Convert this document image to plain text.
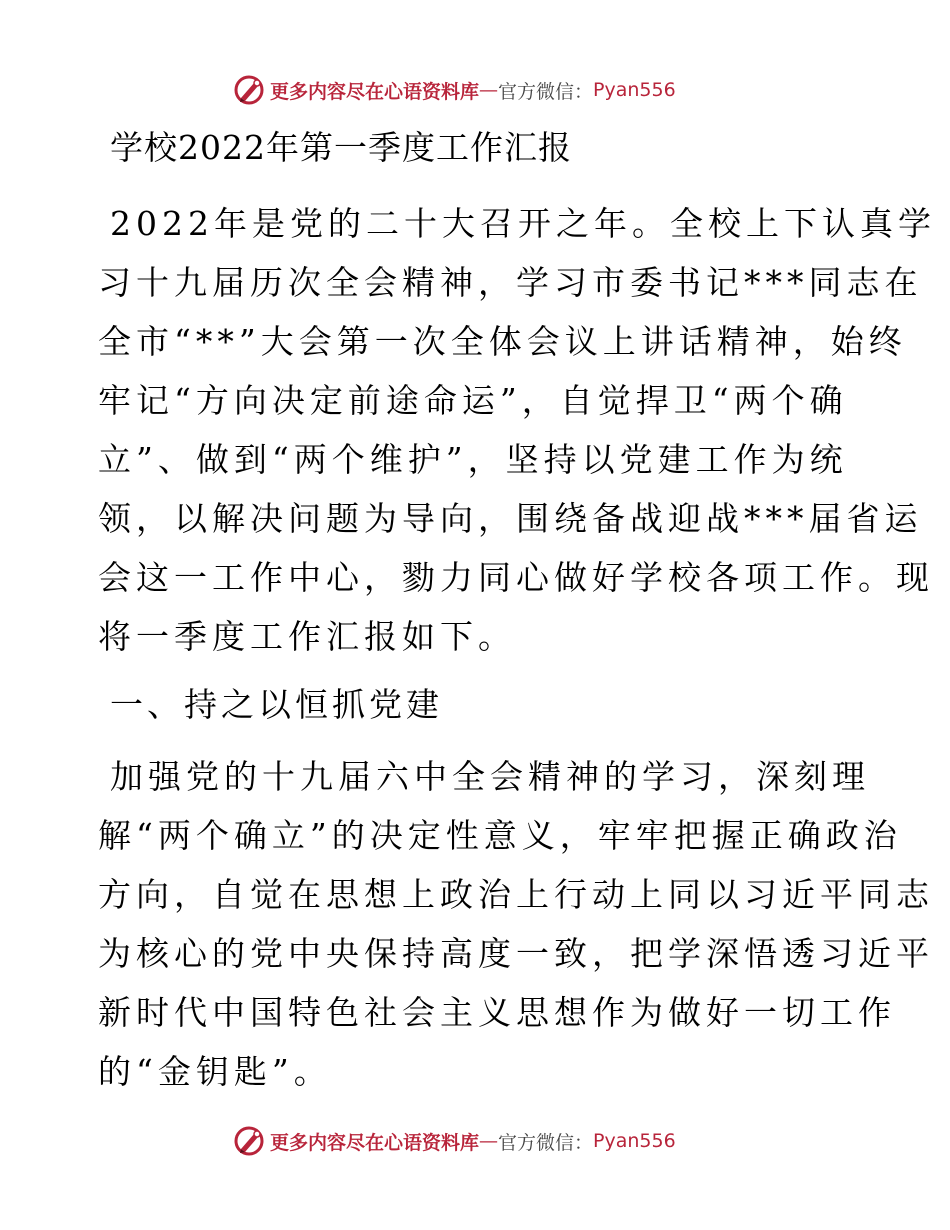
更多内容尽在心语资料库 — 官方微信： Pyan556
学校2022年第一季度工作汇报
2022年是党的二十大召开之年。全校上下认真学
习十九届历次全会精神，学习市委书记***同志在
全市“**”大会第一次全体会议上讲话精神，始终
牢记“方向决定前途命运”，自觉捍卫“两个确
立”、做到“两个维护”，坚持以党建工作为统
领，以解决问题为导向，围绕备战迎战***届省运
会这一工作中心，勠力同心做好学校各项工作。现
将一季度工作汇报如下。
一、持之以恒抓党建
加强党的十九届六中全会精神的学习，深刻理
解“两个确立”的决定性意义，牢牢把握正确政治
方向，自觉在思想上政治上行动上同以习近平同志
为核心的党中央保持高度一致，把学深悟透习近平
新时代中国特色社会主义思想作为做好一切工作
的“金钥匙”。
更多内容尽在心语资料库 — 官方微信： Pyan556
